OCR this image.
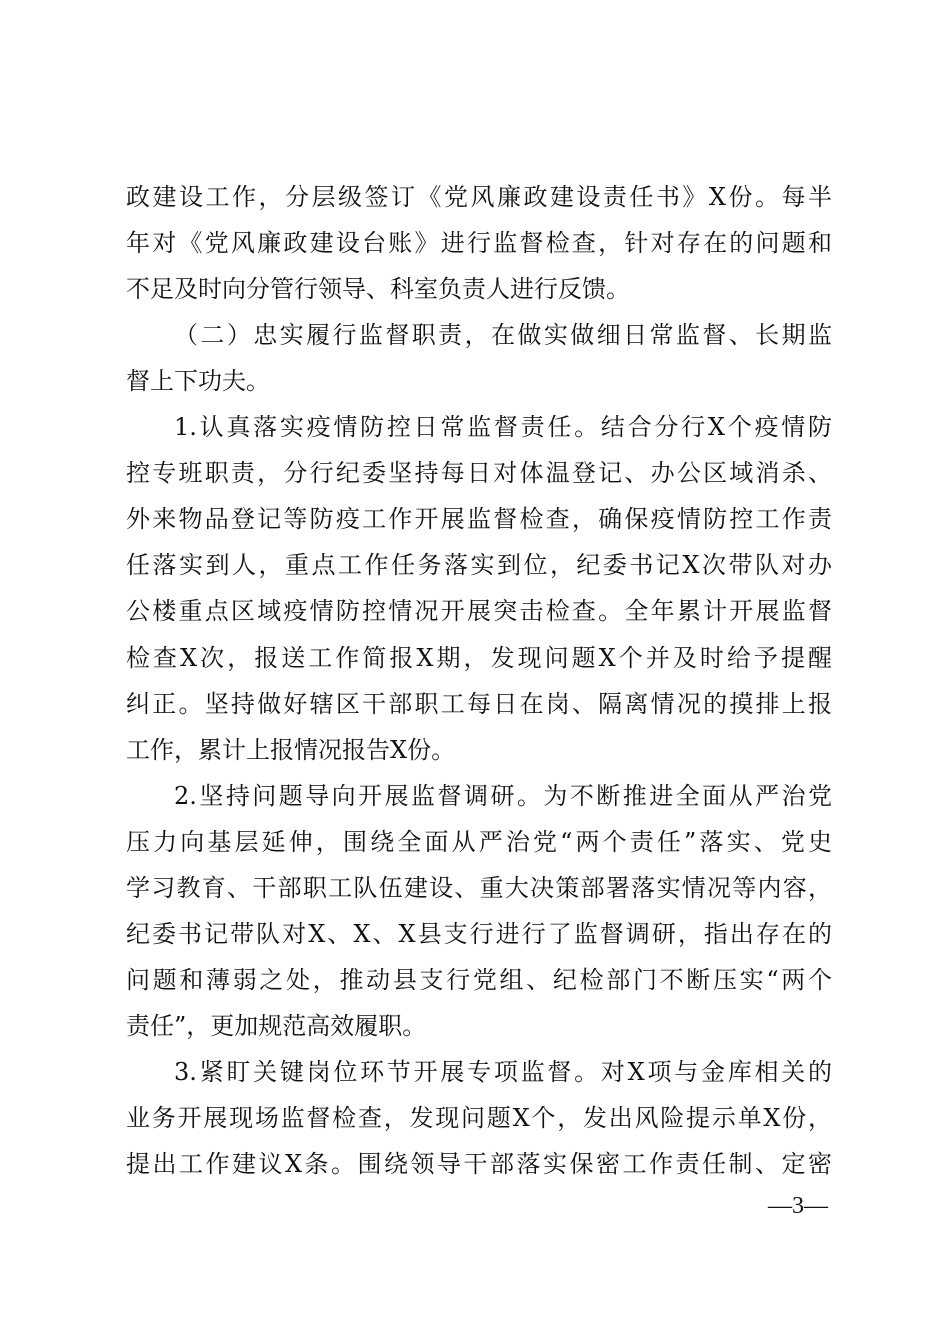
政建设工作，分层级签订《党风廉政建设责任书》X份。每半
年对《党风廉政建设台账》进行监督检查，针对存在的问题和
不足及时向分管行领导、科室负责人进行反馈。
（二）忠实履行监督职责，在做实做细日常监督、长期监
督上下功夫。
1.认真落实疫情防控日常监督责任。结合分行X个疫情防
控专班职责，分行纪委坚持每日对体温登记、办公区域消杀、
外来物品登记等防疫工作开展监督检查，确保疫情防控工作责
任落实到人，重点工作任务落实到位，纪委书记X次带队对办
公楼重点区域疫情防控情况开展突击检查。全年累计开展监督
检查X次，报送工作简报X期，发现问题X个并及时给予提醒
纠正。坚持做好辖区干部职工每日在岗、隔离情况的摸排上报
工作，累计上报情况报告X份。
2.坚持问题导向开展监督调研。为不断推进全面从严治党
压力向基层延伸，围绕全面从严治党“两个责任”落实、党史
学习教育、干部职工队伍建设、重大决策部署落实情况等内容，
纪委书记带队对X、X、X县支行进行了监督调研，指出存在的
问题和薄弱之处，推动县支行党组、纪检部门不断压实“两个
责任”，更加规范高效履职。
3.紧盯关键岗位环节开展专项监督。对X项与金库相关的
业务开展现场监督检查，发现问题X个，发出风险提示单X份，
提出工作建议X条。围绕领导干部落实保密工作责任制、定密
—3—
